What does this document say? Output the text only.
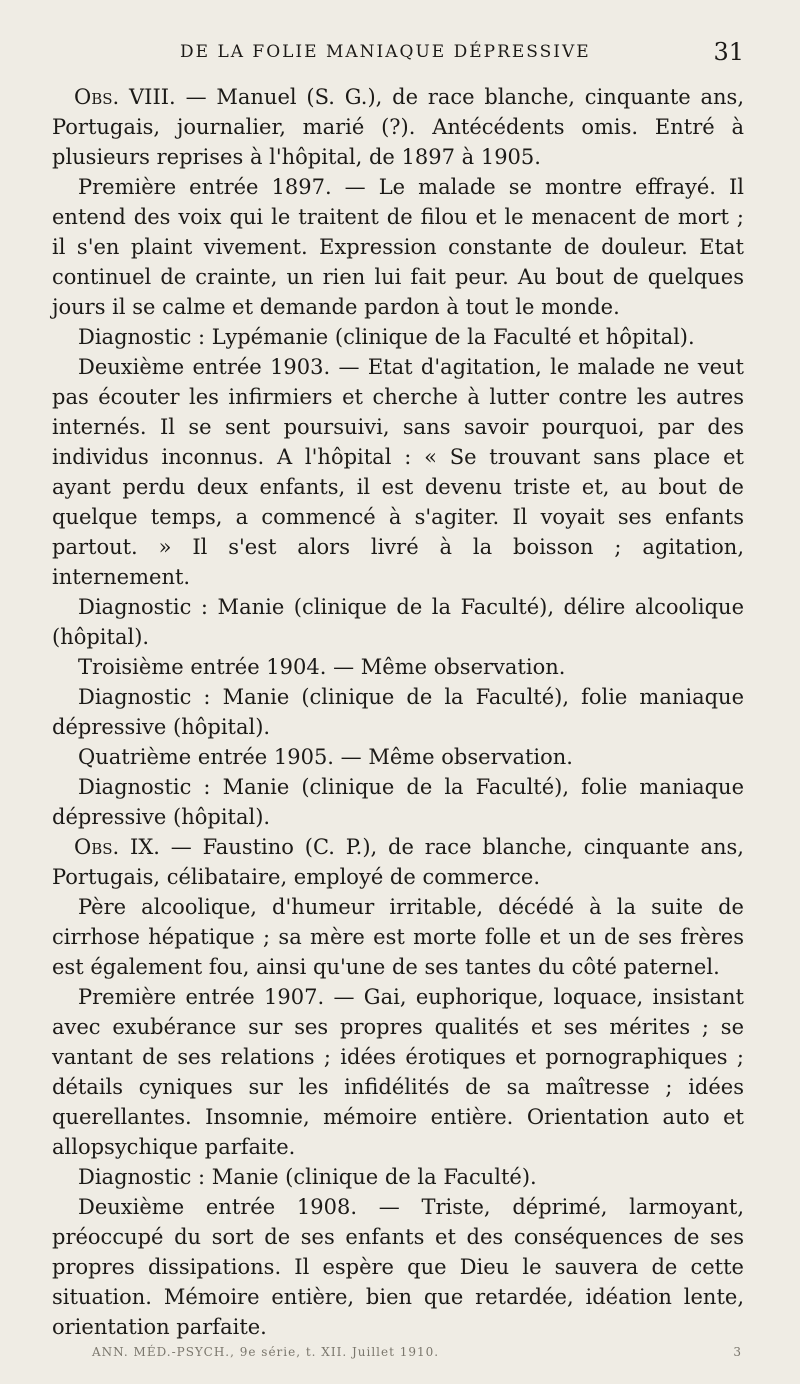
DE LA FOLIE MANIAQUE DÉPRESSIVE	31

Obs. VIII. — Manuel (S. G.), de race blanche, cinquante ans, Portugais, journalier, marié (?). Antécédents omis. Entré à plusieurs reprises à l'hôpital, de 1897 à 1905.

Première entrée 1897. — Le malade se montre effrayé. Il entend des voix qui le traitent de filou et le menacent de mort ; il s'en plaint vivement. Expression constante de douleur. Etat continuel de crainte, un rien lui fait peur. Au bout de quelques jours il se calme et demande pardon à tout le monde.

Diagnostic : Lypémanie (clinique de la Faculté et hôpital).

Deuxième entrée 1903. — Etat d'agitation, le malade ne veut pas écouter les infirmiers et cherche à lutter contre les autres internés. Il se sent poursuivi, sans savoir pourquoi, par des individus inconnus. A l'hôpital : « Se trouvant sans place et ayant perdu deux enfants, il est devenu triste et, au bout de quelque temps, a commencé à s'agiter. Il voyait ses enfants partout. » Il s'est alors livré à la boisson ; agitation, internement.

Diagnostic : Manie (clinique de la Faculté), délire alcoolique (hôpital).

Troisième entrée 1904. — Même observation.

Diagnostic : Manie (clinique de la Faculté), folie maniaque dépressive (hôpital).

Quatrième entrée 1905. — Même observation.

Diagnostic : Manie (clinique de la Faculté), folie maniaque dépressive (hôpital).

Obs. IX. — Faustino (C. P.), de race blanche, cinquante ans, Portugais, célibataire, employé de commerce.

Père alcoolique, d'humeur irritable, décédé à la suite de cirrhose hépatique ; sa mère est morte folle et un de ses frères est également fou, ainsi qu'une de ses tantes du côté paternel.

Première entrée 1907. — Gai, euphorique, loquace, insistant avec exubérance sur ses propres qualités et ses mérites ; se vantant de ses relations ; idées érotiques et pornographiques ; détails cyniques sur les infidélités de sa maîtresse ; idées querellantes. Insomnie, mémoire entière. Orientation auto et allopsychique parfaite.

Diagnostic : Manie (clinique de la Faculté).

Deuxième entrée 1908. — Triste, déprimé, larmoyant, préoccupé du sort de ses enfants et des conséquences de ses propres dissipations. Il espère que Dieu le sauvera de cette situation. Mémoire entière, bien que retardée, idéation lente, orientation parfaite.

ANN. MÉD.-PSYCH., 9e série, t. XII. Juillet 1910.	3
